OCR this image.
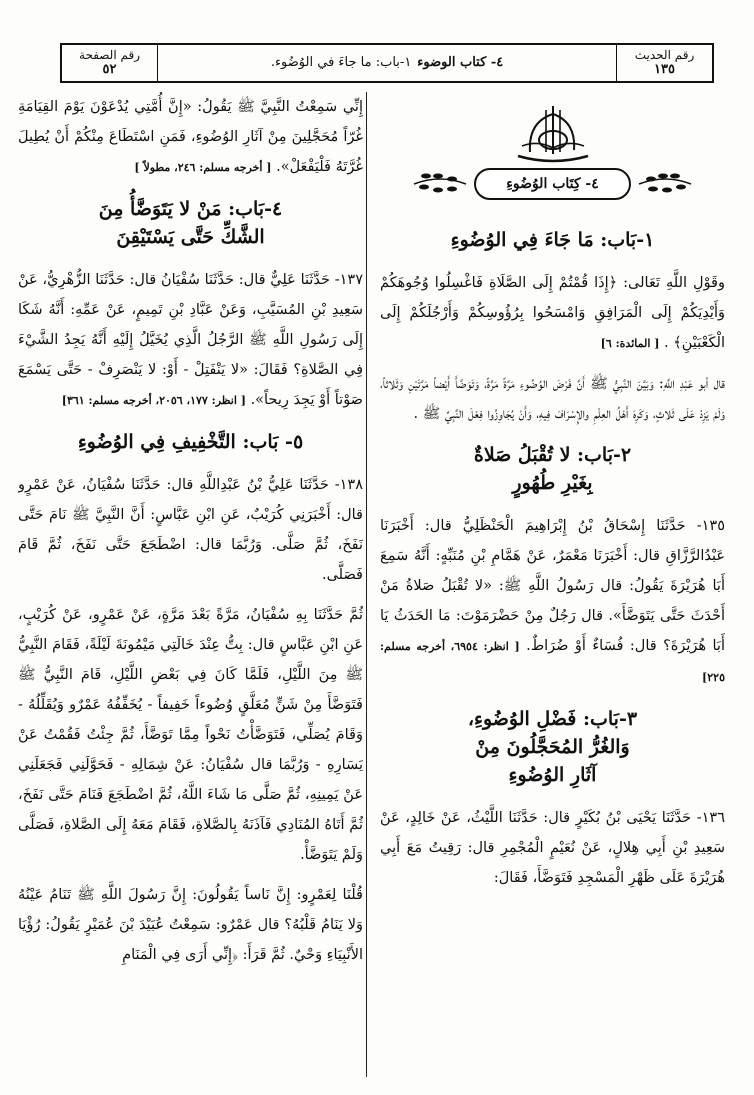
رقم الحديث
١٣٥
٤- كتاب الوضوء
١-باب: ما جاءَ في الوُضُوء.
رقم الصفحة
٥٢
٤- كِتَاب الوُضُوءِ
١-بَاب: مَا جَاءَ فِي الوُضُوءِ

وقَوْلِ اللَّهِ تَعَالى: ﴿إِذَا قُمْتُمْ إِلَى الصَّلَاةِ فَاغْسِلُوا وُجُوهَكُمْ وَأَيْدِيَكُمْ إِلَى الْمَرَافِقِ وَامْسَحُوا بِرُؤُوسِكُمْ وَأَرْجُلَكُمْ إِلَى الْكَعْبَيْنِ﴾ . [ المائدة: ٦]

قال أبو عَبْدِ اللَّهِ: وَبَيَّنَ النَّبِيُّ ﷺ أَنَّ فَرْضَ الوُضُوءِ مَرَّةً مَرَّةً، وَتَوَضَّأَ أَيْضاً مَرَّتَيْنِ وَثَلاثاً، وَلَمْ يَزِدْ عَلَى ثَلاثٍ، وَكَرِهَ أَهْلُ العِلْمِ والإِسْرَافَ فِيهِ، وَأَنْ يُجَاوِزُوا فِعْلَ النَّبِيِّ ﷺ .

٢-بَاب: لا تُقْبَلُ صَلاةٌ
بِغَيْرِ طُهُورٍ

١٣٥- حَدَّثَنَا إِسْحَاقُ بْنُ إِبْرَاهِيمَ الْحَنْظَلِيُّ قال: أَخْبَرَنَا عَبْدُالرَّزَّاقِ قال: أَخْبَرَنَا مَعْمَرٌ، عَنْ هَمَّامِ بْنِ مُنَبِّهٍ: أَنَّهُ سَمِعَ أَبَا هُرَيْرَةَ يَقُولُ: قال رَسُولُ اللَّهِ ﷺ: «لا تُقْبَلُ صَلاةُ مَنْ أَحْدَثَ حَتَّى يَتَوَضَّأَ». قال رَجُلٌ مِنْ حَضْرَمَوْتَ: مَا الحَدَثُ يَا أَبَا هُرَيْرَةَ؟ قال: فُسَاءٌ أَوْ ضُرَاطٌ. [ انظر: ٦٩٥٤، أخرجه مسلم: ٢٢٥]

٣-بَاب: فَضْلِ الوُضُوءِ،
وَالغُرُّ المُحَجَّلُونَ مِنْ
آثَارِ الوُضُوءِ

١٣٦- حَدَّثَنَا يَحْيَى بْنُ بُكَيْرٍ قال: حَدَّثَنَا اللَّيْثُ، عَنْ خَالِدٍ، عَنْ سَعِيدِ بْنِ أَبِي هِلالٍ، عَنْ نُعَيْمٍ الْمُجْمِرِ قال: رَقِيتُ مَعَ أَبِي هُرَيْرَةَ عَلَى ظَهْرِ الْمَسْجِدِ فَتَوَضَّأَ، فَقَالَ:

إِنِّي سَمِعْتُ النَّبِيَّ ﷺ يَقُولُ: «إِنَّ أُمَّتِي يُدْعَوْنَ يَوْمَ القِيَامَةِ غُرّاً مُحَجَّلِينَ مِنْ آثَارِ الوُضُوءِ، فَمَنِ اسْتَطَاعَ مِنْكُمْ أَنْ يُطِيلَ غُرَّتَهُ فَلْيَفْعَلْ». [ أخرجه مسلم: ٢٤٦، مطولاً ]

٤-بَاب: مَنْ لا يَتَوَضَّأُ مِنَ
الشَّكِّ حَتَّى يَسْتَيْقِنَ

١٣٧- حَدَّثَنَا عَلِيٌّ قال: حَدَّثَنَا سُفْيَانُ قال: حَدَّثَنَا الزُّهْرِيُّ، عَنْ سَعِيدِ بْنِ المُسَيَّبِ، وَعَنْ عَبَّادِ بْنِ تَمِيمٍ، عَنْ عَمِّهِ: أَنَّهُ شَكَا إِلَى رَسُولِ اللَّهِ ﷺ الرَّجُلُ الَّذِي يُخَيَّلُ إِلَيْهِ أَنَّهُ يَجِدُ الشَّيْءَ فِي الصَّلاةِ؟ فَقَالَ: «لا يَنْفَتِلْ - أَوْ: لا يَنْصَرِفْ - حَتَّى يَسْمَعَ صَوْتاً أَوْ يَجِدَ رِيحاً». [ انظر: ١٧٧، ٢٠٥٦، أخرجه مسلم: ٣٦١]

٥- بَاب: التَّخْفِيفِ فِي الوُضُوءِ

١٣٨- حَدَّثَنَا عَلِيُّ بْنُ عَبْدِاللَّهِ قال: حَدَّثَنَا سُفْيَانُ، عَنْ عَمْرٍو قال: أَخْبَرَنِي كُرَيْبٌ، عَنِ ابْنِ عَبَّاسٍ: أَنَّ النَّبِيَّ ﷺ نَامَ حَتَّى نَفَخَ، ثُمَّ صَلَّى. وَرُبَّمَا قال: اضْطَجَعَ حَتَّى نَفَخَ، ثُمَّ قَامَ فَصَلَّى.

ثُمَّ حَدَّثَنَا بِهِ سُفْيَانُ، مَرَّةً بَعْدَ مَرَّةٍ، عَنْ عَمْرٍو، عَنْ كُرَيْبٍ، عَنِ ابْنِ عَبَّاسٍ قال: بِتُّ عِنْدَ خَالَتِي مَيْمُونَةَ لَيْلَةً، فَقَامَ النَّبِيُّ ﷺ مِنَ اللَّيْلِ، فَلَمَّا كَانَ فِي بَعْضِ اللَّيْلِ، قَامَ النَّبِيُّ ﷺ فَتَوَضَّأَ مِنْ شَنٍّ مُعَلَّقٍ وُضُوءاً خَفِيفاً - يُخَفِّفُهُ عَمْرٌو وَيُقَلِّلُهُ - وَقَامَ يُصَلِّي، فَتَوَضَّأْتُ نَحْواً مِمَّا تَوَضَّأَ، ثُمَّ جِئْتُ فَقُمْتُ عَنْ يَسَارِهِ - وَرُبَّمَا قال سُفْيَانُ: عَنْ شِمَالِهِ - فَحَوَّلَنِي فَجَعَلَنِي عَنْ يَمِينِهِ، ثُمَّ صَلَّى مَا شَاءَ اللَّهُ، ثُمَّ اضْطَجَعَ فَنَامَ حَتَّى نَفَخَ، ثُمَّ أَتَاهُ المُنَادِي فَآذَنَهُ بِالصَّلاةِ، فَقَامَ مَعَهُ إِلَى الصَّلاةِ، فَصَلَّى وَلَمْ يَتَوَضَّأْ.

قُلْنَا لِعَمْرٍو: إِنَّ نَاساً يَقُولُونَ: إِنَّ رَسُولَ اللَّهِ ﷺ تَنَامُ عَيْنُهُ وَلا يَنَامُ قَلْبُهُ؟ قال عَمْرٌو: سَمِعْتُ عُبَيْدَ بْنَ عُمَيْرٍ يَقُولُ: رُؤْيَا الأَنْبِيَاءِ وَحْيٌ. ثُمَّ قَرَأَ: ﴿إِنِّي أَرَى فِي الْمَنَامِ
